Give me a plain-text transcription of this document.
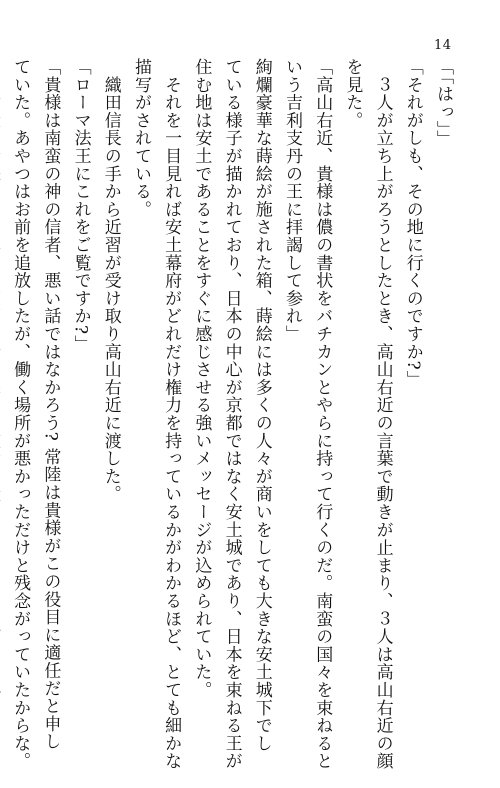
14
「「はっ」」
「それがしも、その地に行くのですか?」
　３人が立ち上がろうとしたとき、高山右近の言葉で動きが止まり、３人は高山右近の顔
を見た。
「高山右近、貴様は儂の書状をバチカンとやらに持って行くのだ。南蛮の国々を束ねると
いう吉利支丹の王に拝謁して参れ」
絢爛豪華な蒔絵が施された箱、蒔絵には多くの人々が商いをしても大きな安土城下でし
ている様子が描かれており、日本の中心が京都ではなく安土城であり、日本を束ねる王が
住む地は安土であることをすぐに感じさせる強いメッセージが込められていた。
　それを一目見れば安土幕府がどれだけ権力を持っているかがわかるほど、とても細かな
描写がされている。
　織田信長の手から近習が受け取り高山右近に渡した。
「ローマ法王にこれをご覧ですか?」
「貴様は南蛮の神の信者、悪い話ではなかろう? 常陸は貴様がこの役目に適任だと申し
ていた。あやつはお前を追放したが、働く場所が悪かっただけと残念がっていたからな。
